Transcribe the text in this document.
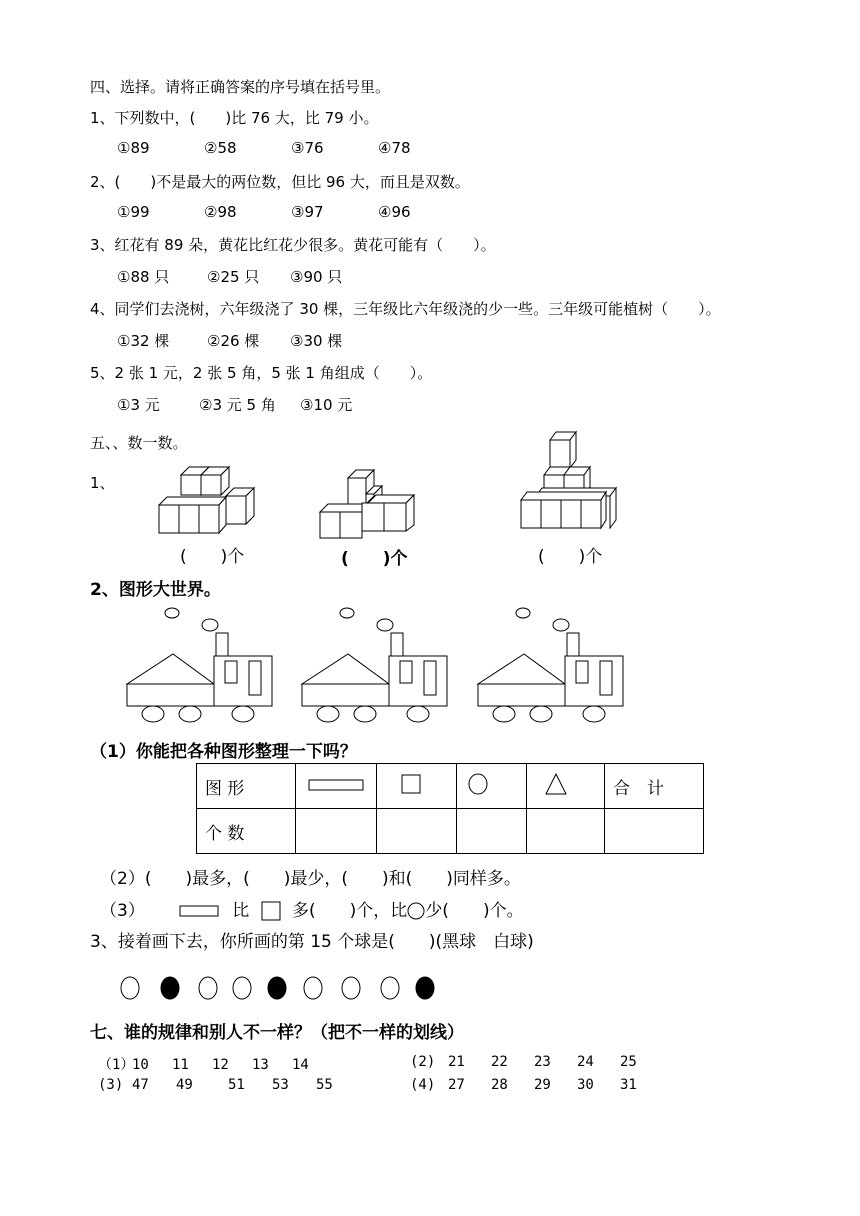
四、选择。请将正确答案的序号填在括号里。
1、下列数中，(　　)比 76 大，比 79 小。
①89	②58	③76	④78
2、(　　)不是最大的两位数，但比 96 大，而且是双数。
①99	②98	③97	④96
3、红花有 89 朵，黄花比红花少很多。黄花可能有（　　）。
①88 只	②25 只 ③90 只
4、同学们去浇树，六年级浇了 30 棵，三年级比六年级浇的少一些。三年级可能植树（　　）。
①32 棵	②26 棵 ③30 棵
5、2 张 1 元，2 张 5 角，5 张 1 角组成（　　）。
①3 元	②3 元 5 角 ③10 元
五、、数一数。
1、
(　　)个	(　　)个	(　　)个
2、图形大世界。
（1）你能把各种图形整理一下吗？
图 形					合　计
个 数					
（2）(　　)最多，(　　)最少，(　　)和(　　)同样多。
（3）	比	多(　　)个，比 少(　　)个。
3、接着画下去，你所画的第 15 个球是(　　)(黑球　白球)
七、谁的规律和别人不一样？（把不一样的划线）
（1）10 11 12 13 14	(2) 21 22 23 24 25
(3) 47 49	51 53 55	(4) 27 28 29 30 31
